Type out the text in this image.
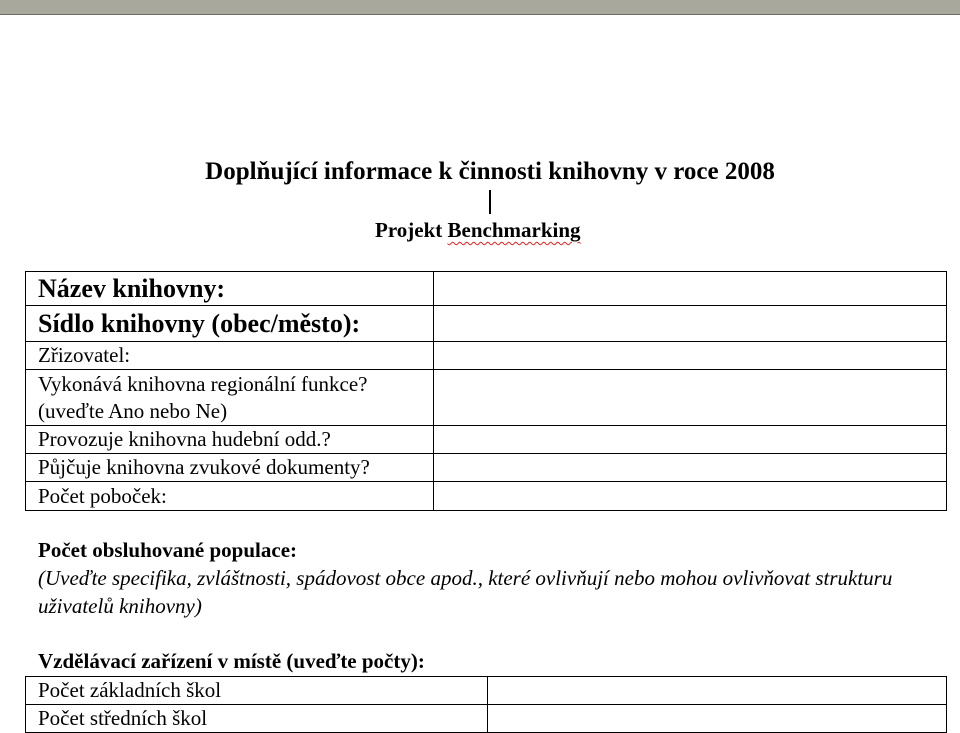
Doplňující informace k činnosti knihovny v roce 2008
Projekt Benchmarking
Název knihovny:	
Sídlo knihovny (obec/město):	
Zřizovatel:	

Vykonává knihovna regionální funkce?
(uveďte Ano nebo Ne)	

Provozuje knihovna hudební odd.?	
Půjčuje knihovna zvukové dokumenty?	
Počet poboček:	
Počet obsluhované populace:
(Uveďte specifika, zvláštnosti, spádovost obce apod., které ovlivňují nebo mohou ovlivňovat strukturu uživatelů knihovny)
Vzdělávací zařízení v místě (uveďte počty):
Počet základních škol	
Počet středních škol	
